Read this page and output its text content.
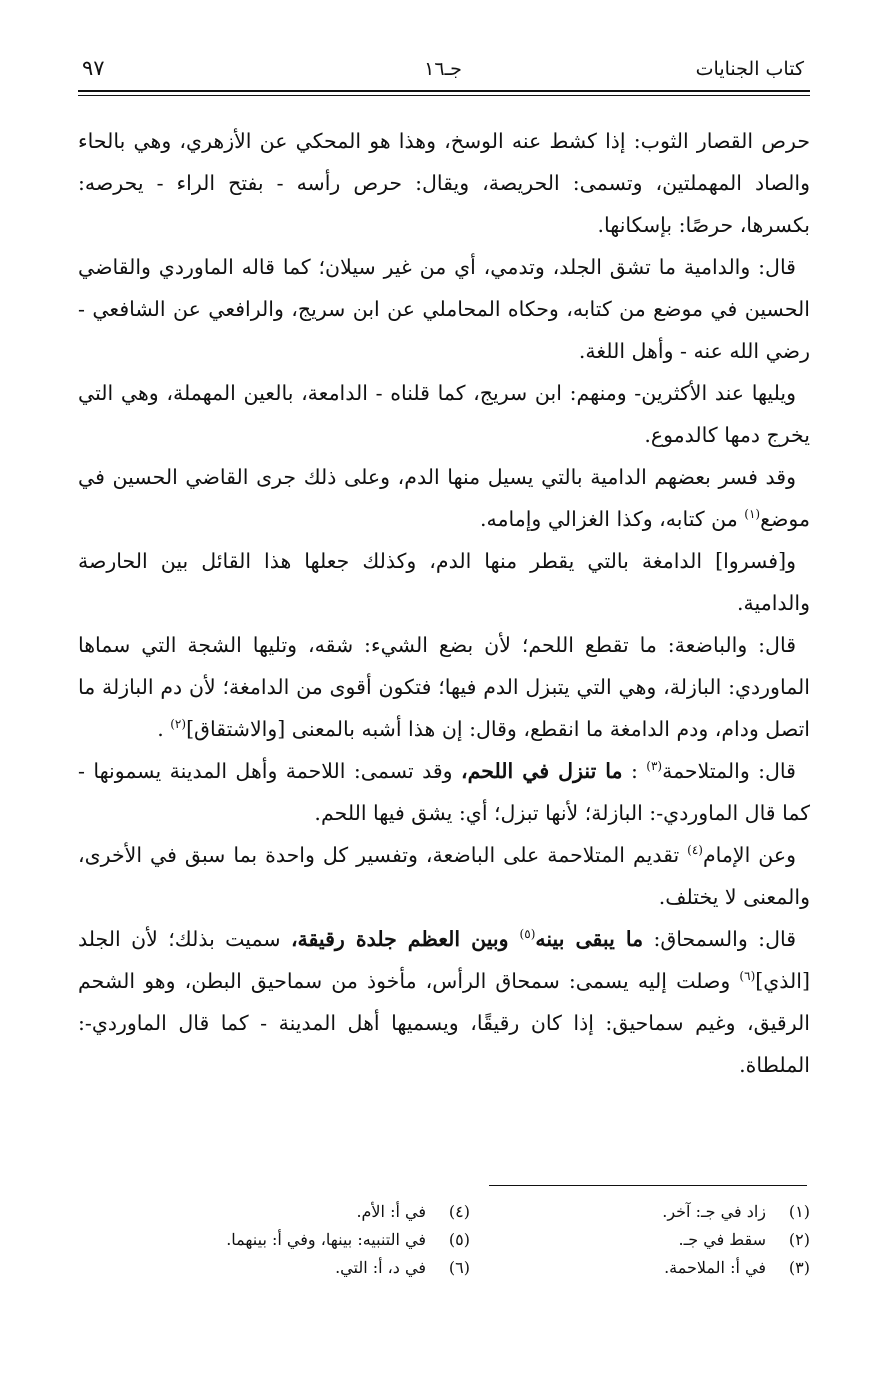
كتاب الجنايات
جـ١٦
٩٧

حرص القصار الثوب: إذا كشط عنه الوسخ، وهذا هو المحكي عن الأزهري، وهي بالحاء والصاد المهملتين، وتسمى: الحريصة، ويقال: حرص رأسه - بفتح الراء - يحرصه: بكسرها، حرصًا: بإسكانها.

قال: والدامية ما تشق الجلد، وتدمي، أي من غير سيلان؛ كما قاله الماوردي والقاضي الحسين في موضع من كتابه، وحكاه المحاملي عن ابن سريج، والرافعي عن الشافعي - رضي الله عنه - وأهل اللغة.

ويليها عند الأكثرين- ومنهم: ابن سريج، كما قلناه - الدامعة، بالعين المهملة، وهي التي يخرج دمها كالدموع.

وقد فسر بعضهم الدامية بالتي يسيل منها الدم، وعلى ذلك جرى القاضي الحسين في موضع$^{(١)}$ من كتابه، وكذا الغزالي وإمامه.

و[فسروا] الدامغة بالتي يقطر منها الدم، وكذلك جعلها هذا القائل بين الحارصة والدامية.

قال: والباضعة: ما تقطع اللحم؛ لأن بضع الشيء: شقه، وتليها الشجة التي سماها الماوردي: البازلة، وهي التي يتبزل الدم فيها؛ فتكون أقوى من الدامغة؛ لأن دم البازلة ما اتصل ودام، ودم الدامغة ما انقطع، وقال: إن هذا أشبه بالمعنى [والاشتقاق]$^{(٢)}$ .

قال: والمتلاحمة$^{(٣)}$ : ما تنزل في اللحم، وقد تسمى: اللاحمة وأهل المدينة يسمونها - كما قال الماوردي-: البازلة؛ لأنها تبزل؛ أي: يشق فيها اللحم.

وعن الإمام$^{(٤)}$ تقديم المتلاحمة على الباضعة، وتفسير كل واحدة بما سبق في الأخرى، والمعنى لا يختلف.

قال: والسمحاق: ما يبقى بينه$^{(٥)}$ وبين العظم جلدة رقيقة، سميت بذلك؛ لأن الجلد [الذي]$^{(٦)}$ وصلت إليه يسمى: سمحاق الرأس، مأخوذ من سماحيق البطن، وهو الشحم الرقيق، وغيم سماحيق: إذا كان رقيقًا، ويسميها أهل المدينة - كما قال الماوردي-: الملطاة.

(١)زاد في جـ: آخر.
(٢)سقط في جـ.
(٣)في أ: الملاحمة.
(٤)في أ: الأم.
(٥)في التنبيه: بينها، وفي أ: بينهما.
(٦)في د، أ: التي.
